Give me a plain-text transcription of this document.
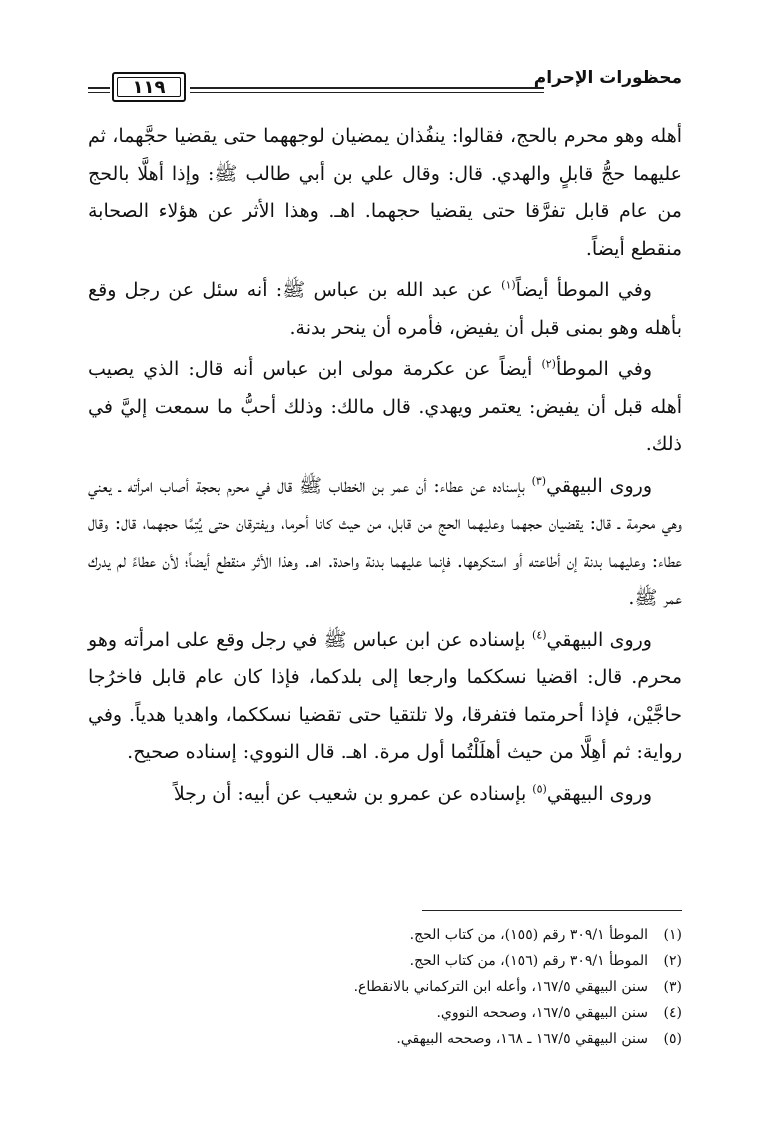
محظورات الإحرام
١١٩

أهله وهو محرم بالحج، فقالوا: ينفُذان يمضيان لوجههما حتى يقضيا حجَّهما، ثم عليهما حجُّ قابلٍ والهدي. قال: وقال علي بن أبي طالب ﷺ: وإذا أهلَّا بالحج من عام قابل تفرَّقا حتى يقضيا حجهما. اهـ. وهذا الأثر عن هؤلاء الصحابة منقطع أيضاً.

وفي الموطأ أيضاً$^{(١)}$ عن عبد الله بن عباس ﷺ: أنه سئل عن رجل وقع بأهله وهو بمنى قبل أن يفيض، فأمره أن ينحر بدنة.

وفي الموطأ$^{(٢)}$ أيضاً عن عكرمة مولى ابن عباس أنه قال: الذي يصيب أهله قبل أن يفيض: يعتمر ويهدي. قال مالك: وذلك أحبُّ ما سمعت إليَّ في ذلك.

وروى البيهقي$^{(٣)}$ بإسناده عن عطاء: أن عمر بن الخطاب ﷺ قال في محرم بحجة أصاب امرأته ـ يعني وهي محرمة ـ قال: يقضيان حجهما وعليهما الحج من قابل، من حيث كانا أحرما، ويفترقان حتى يُتِمَّا حجهما، قال: وقال عطاء: وعليهما بدنة إن أطاعته أو استكرهها. فإنما عليهما بدنة واحدة. اهـ. وهذا الأثر منقطع أيضاً؛ لأن عطاءً لم يدرك عمر ﷺ.

وروى البيهقي$^{(٤)}$ بإسناده عن ابن عباس ﷺ في رجل وقع على امرأته وهو محرم. قال: اقضيا نسككما وارجعا إلى بلدكما، فإذا كان عام قابل فاخرُجا حاجَّيْن، فإذا أحرمتما فتفرقا، ولا تلتقيا حتى تقضيا نسككما، واهديا هدياً. وفي رواية: ثم أهِلَّا من حيث أهلَلْتُما أول مرة. اهـ. قال النووي: إسناده صحيح.

وروى البيهقي$^{(٥)}$ بإسناده عن عمرو بن شعيب عن أبيه: أن رجلاً

(١)
الموطأ ٣٠٩/١ رقم (١٥٥)، من كتاب الحج.
(٢)
الموطأ ٣٠٩/١ رقم (١٥٦)، من كتاب الحج.
(٣)
سنن البيهقي ١٦٧/٥، وأعله ابن التركماني بالانقطاع.
(٤)
سنن البيهقي ١٦٧/٥، وصححه النووي.
(٥)
سنن البيهقي ١٦٧/٥ ـ ١٦٨، وصححه البيهقي.
